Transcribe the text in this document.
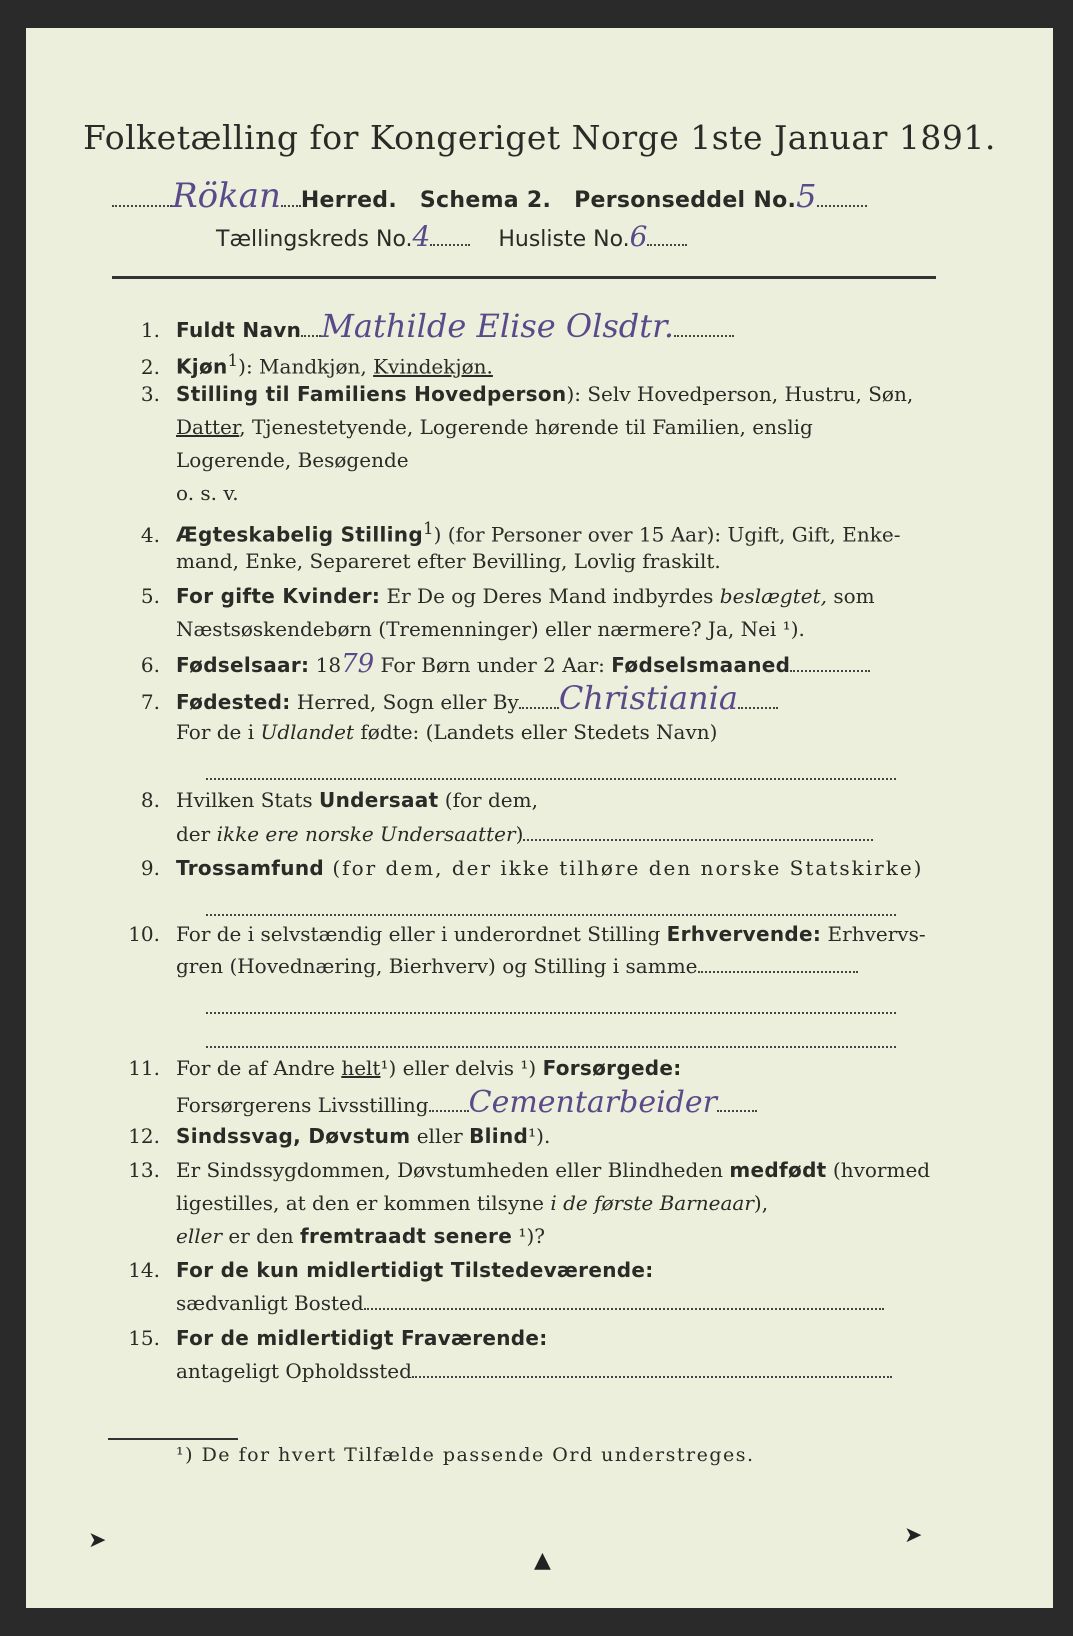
Folketælling for Kongeriget Norge 1ste Januar 1891.
Rökan Herred. Schema 2. Personseddel No.5
Tællingskreds No.4	Husliste No.6
1. Fuldt Navn Mathilde Elise Olsdtr.
2. Kjøn$^1$): Mandkjøn, Kvindekjøn.
3. Stilling til Familiens Hovedperson): Selv Hovedperson, Hustru, Søn,
Datter, Tjenestetyende, Logerende hørende til Familien, enslig
Logerende, Besøgende
o. s. v.
4. Ægteskabelig Stilling$^1$) (for Personer over 15 Aar): Ugift, Gift, Enke-
mand, Enke, Separeret efter Bevilling, Lovlig fraskilt.
5. For gifte Kvinder: Er De og Deres Mand indbyrdes beslægtet, som
Næstsøskendebørn (Tremenninger) eller nærmere? Ja, Nei ¹).
6. Fødselsaar: 1879 For Børn under 2 Aar: Fødselsmaaned
7. Fødested: Herred, Sogn eller By Christiania
For de i Udlandet fødte: (Landets eller Stedets Navn)
8. Hvilken Stats Undersaat (for dem,
der ikke ere norske Undersaatter)
9. Trossamfund (for dem, der ikke tilhøre den norske Statskirke)
10. For de i selvstændig eller i underordnet Stilling Erhvervende: Erhvervs-
gren (Hovednæring, Bierhverv) og Stilling i samme
11. For de af Andre helt¹) eller delvis ¹) Forsørgede:
Forsørgerens Livsstilling Cementarbeider
12. Sindssvag, Døvstum eller Blind¹).
13. Er Sindssygdommen, Døvstumheden eller Blindheden medfødt (hvormed
ligestilles, at den er kommen tilsyne i de første Barneaar),
eller er den fremtraadt senere ¹)?
14. For de kun midlertidigt Tilstedeværende:
sædvanligt Bosted
15. For de midlertidigt Fraværende:
antageligt Opholdssted
¹) De for hvert Tilfælde passende Ord understreges.
➤
▲
➤
